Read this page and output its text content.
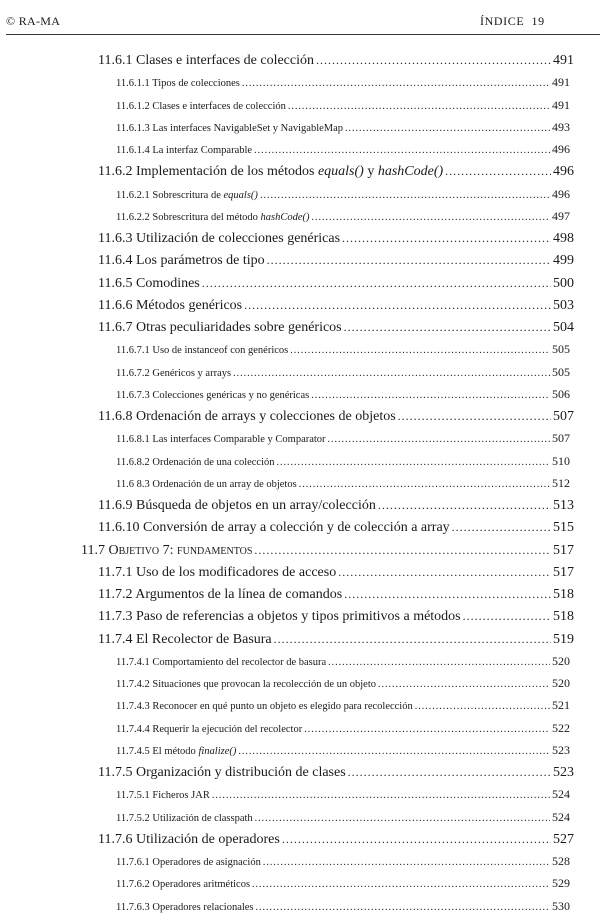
© RA-MA	ÍNDICE 19
11.6.1 Clases e interfaces de colección .....	491
11.6.1.1 Tipos de colecciones .....	491
11.6.1.2 Clases e interfaces de colección .....	491
11.6.1.3 Las interfaces NavigableSet y NavigableMap .....	493
11.6.1.4 La interfaz Comparable .....	496
11.6.2 Implementación de los métodos equals() y hashCode() .....	496
11.6.2.1 Sobrescritura de equals() .....	496
11.6.2.2 Sobrescritura del método hashCode() .....	497
11.6.3 Utilización de colecciones genéricas .....	498
11.6.4 Los parámetros de tipo .....	499
11.6.5 Comodines .....	500
11.6.6 Métodos genéricos .....	503
11.6.7 Otras peculiaridades sobre genéricos .....	504
11.6.7.1 Uso de instanceof con genéricos .....	505
11.6.7.2 Genéricos y arrays .....	505
11.6.7.3 Colecciones genéricas y no genéricas .....	506
11.6.8 Ordenación de arrays y colecciones de objetos .....	507
11.6.8.1 Las interfaces Comparable y Comparator .....	507
11.6.8.2 Ordenación de una colección .....	510
11.6 8.3 Ordenación de un array de objetos .....	512
11.6.9 Búsqueda de objetos en un array/colección .....	513
11.6.10 Conversión de array a colección y de colección a array .....	515
11.7 Objetivo 7: fundamentos .....	517
11.7.1 Uso de los modificadores de acceso .....	517
11.7.2 Argumentos de la línea de comandos .....	518
11.7.3 Paso de referencias a objetos y tipos primitivos a métodos .....	518
11.7.4 El Recolector de Basura .....	519
11.7.4.1 Comportamiento del recolector de basura .....	520
11.7.4.2 Situaciones que provocan la recolección de un objeto .....	520
11.7.4.3 Reconocer en qué punto un objeto es elegido para recolección .....	521
11.7.4.4 Requerir la ejecución del recolector .....	522
11.7.4.5 El método finalize() .....	523
11.7.5 Organización y distribución de clases .....	523
11.7.5.1 Ficheros JAR .....	524
11.7.5.2 Utilización de classpath .....	524
11.7.6 Utilización de operadores .....	527
11.7.6.1 Operadores de asignación .....	528
11.7.6.2 Operadores aritméticos .....	529
11.7.6.3 Operadores relacionales .....	530
